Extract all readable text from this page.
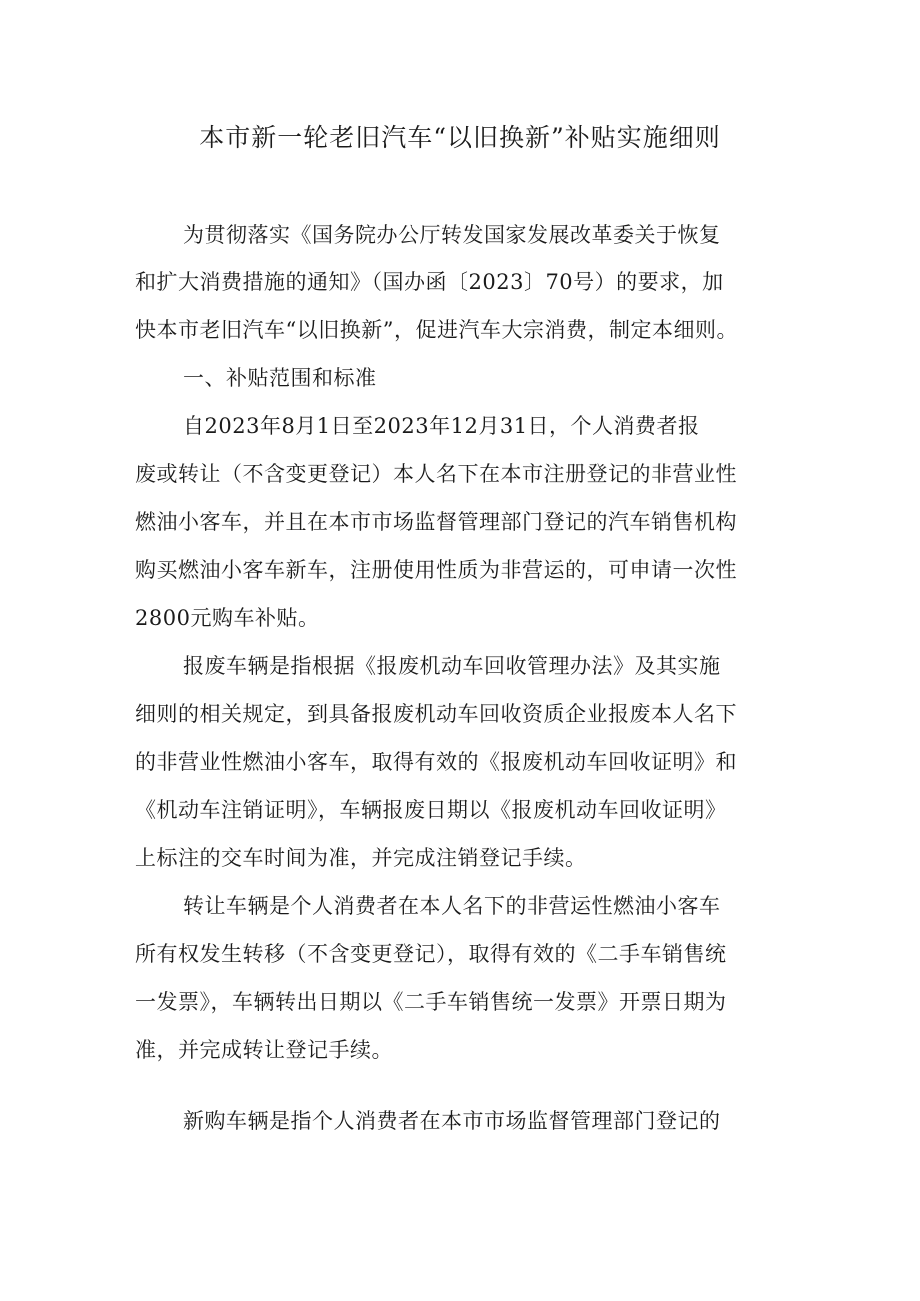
本市新一轮老旧汽车“以旧换新”补贴实施细则

为贯彻落实《国务院办公厅转发国家发展改革委关于恢复

和扩大消费措施的通知》（国办函〔2023〕70号）的要求，加

快本市老旧汽车“以旧换新”，促进汽车大宗消费，制定本细则。

一、补贴范围和标准

自2023年8月1日至2023年12月31日，个人消费者报

废或转让（不含变更登记）本人名下在本市注册登记的非营业性

燃油小客车，并且在本市市场监督管理部门登记的汽车销售机构

购买燃油小客车新车，注册使用性质为非营运的，可申请一次性

2800元购车补贴。

报废车辆是指根据《报废机动车回收管理办法》及其实施

细则的相关规定，到具备报废机动车回收资质企业报废本人名下

的非营业性燃油小客车，取得有效的《报废机动车回收证明》和

《机动车注销证明》，车辆报废日期以《报废机动车回收证明》

上标注的交车时间为准，并完成注销登记手续。

转让车辆是个人消费者在本人名下的非营运性燃油小客车

所有权发生转移（不含变更登记），取得有效的《二手车销售统

一发票》，车辆转出日期以《二手车销售统一发票》开票日期为

准，并完成转让登记手续。

新购车辆是指个人消费者在本市市场监督管理部门登记的
